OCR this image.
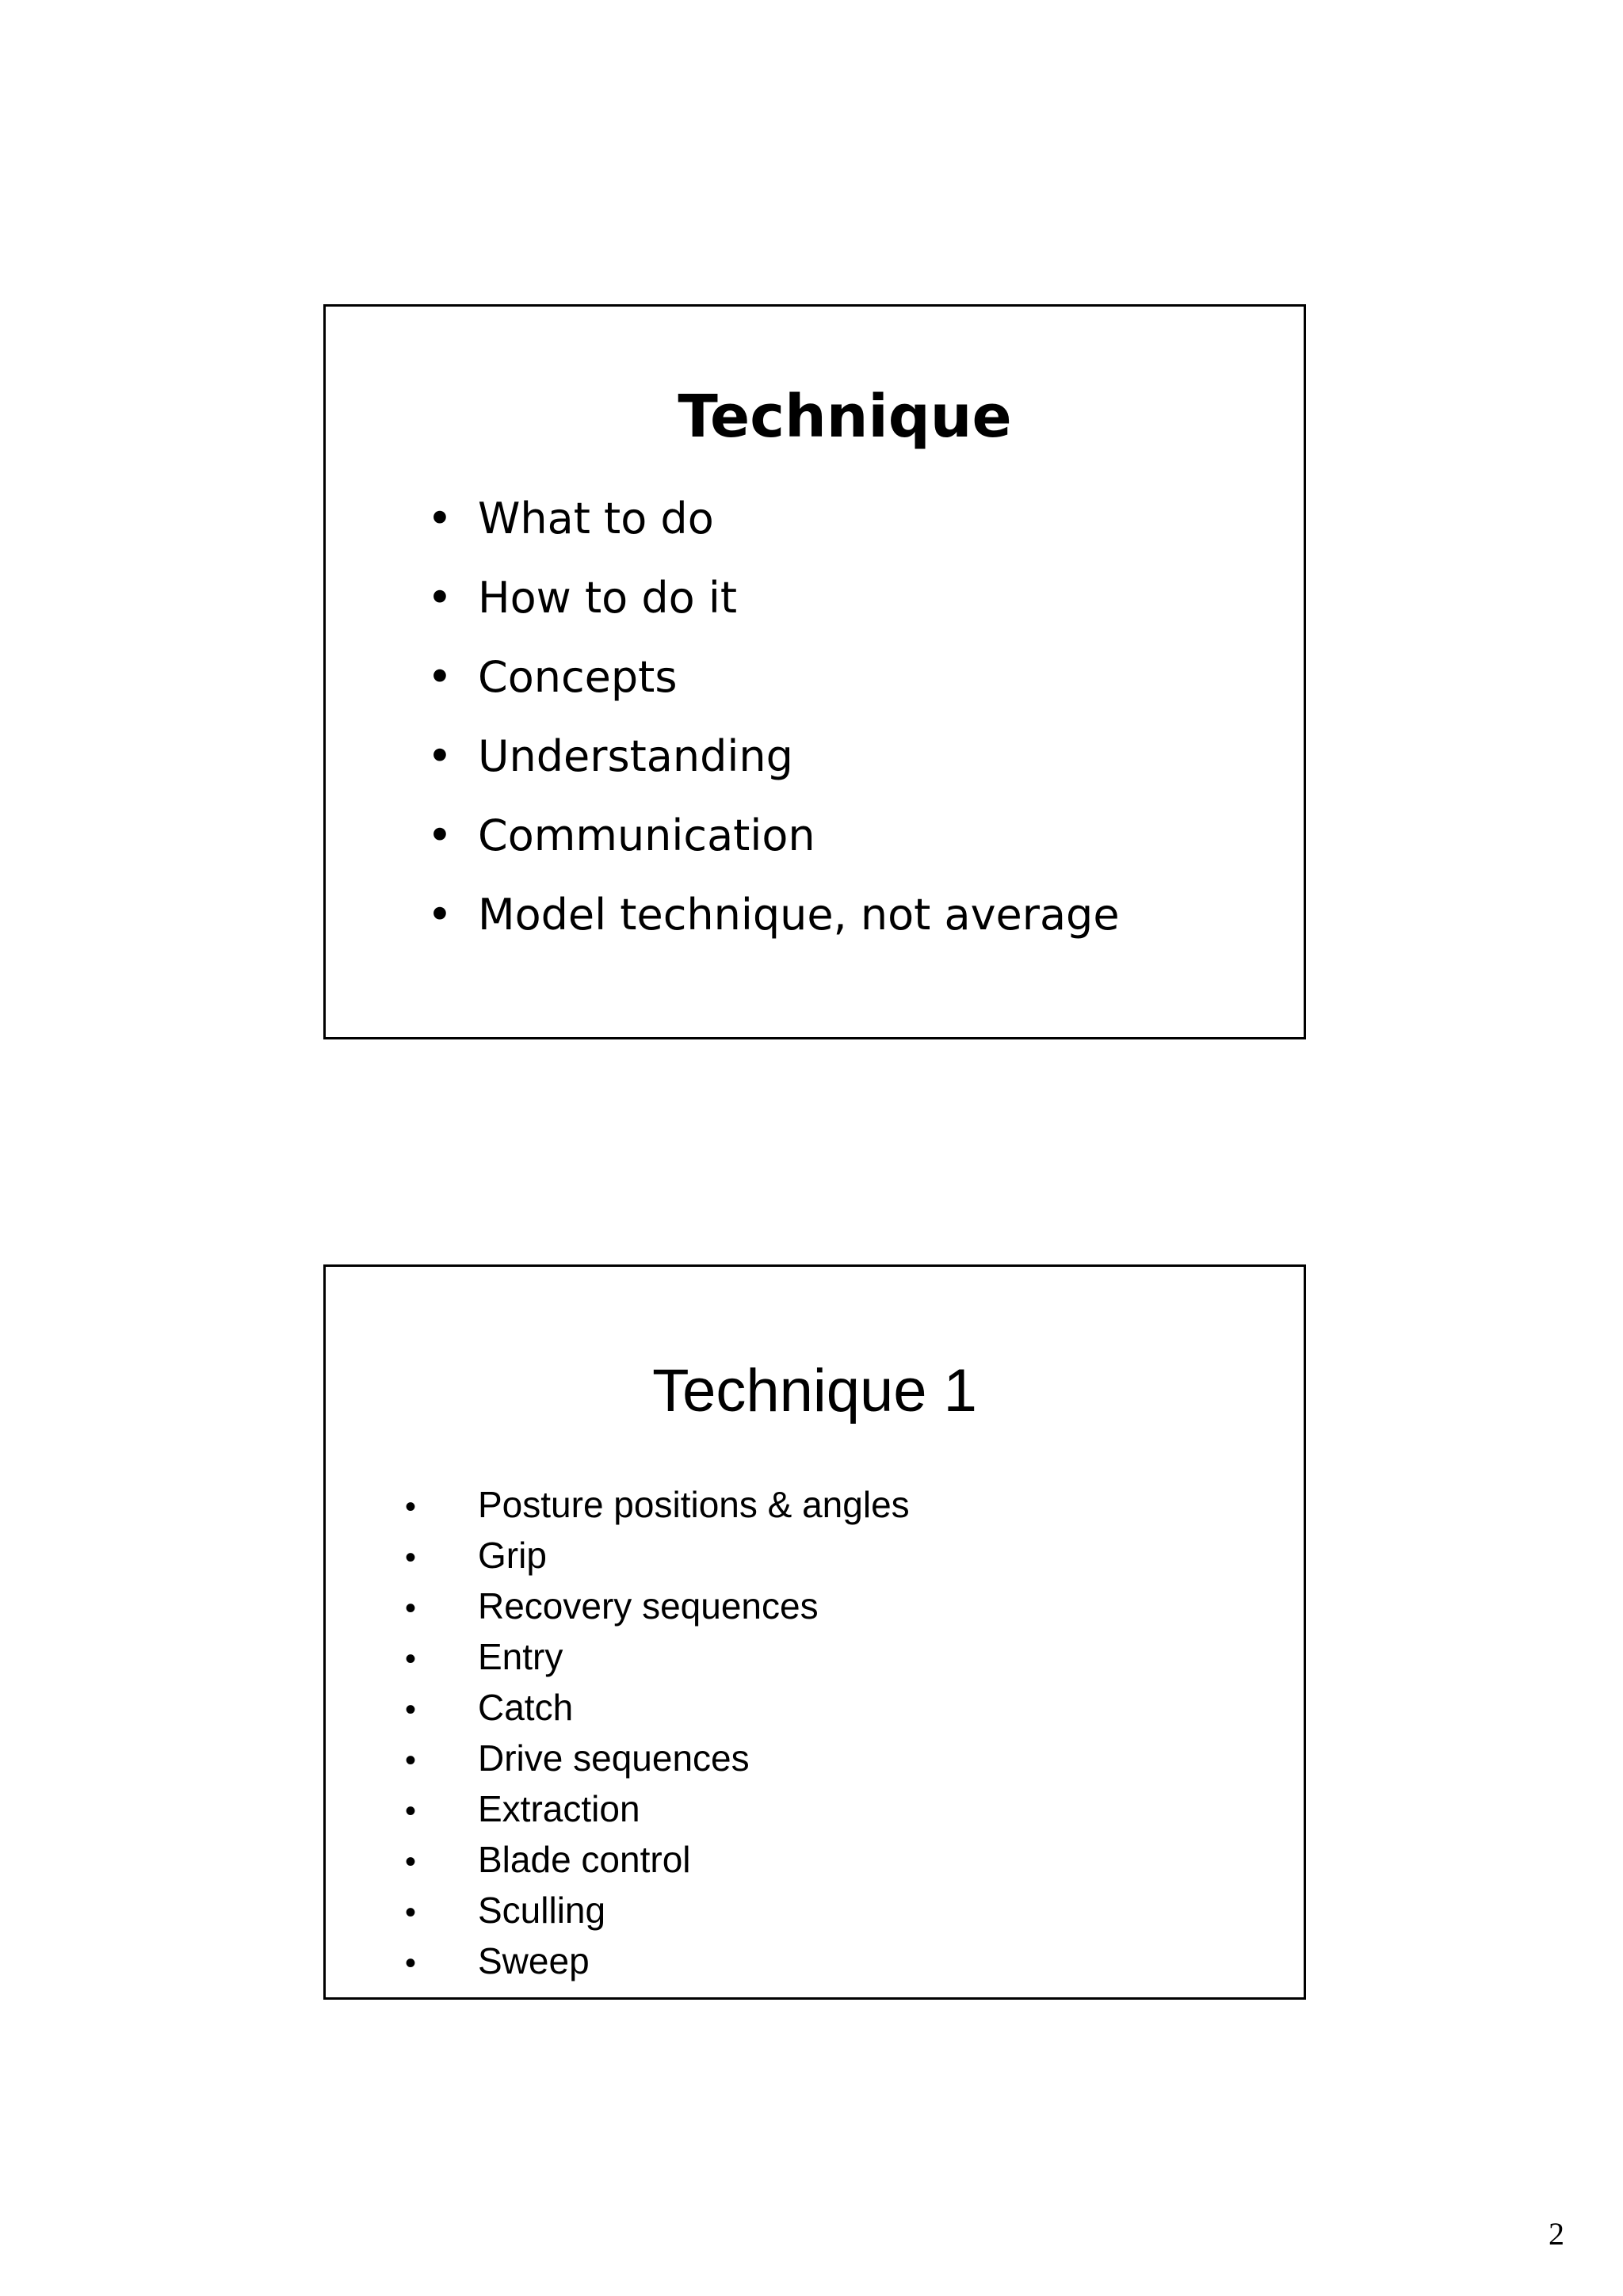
Technique
• What to do
• How to do it
• Concepts
• Understanding
• Communication
• Model technique, not average
Technique 1
• Posture positions & angles
• Grip
• Recovery sequences
• Entry
• Catch
• Drive sequences
• Extraction
• Blade control
• Sculling
• Sweep
2
